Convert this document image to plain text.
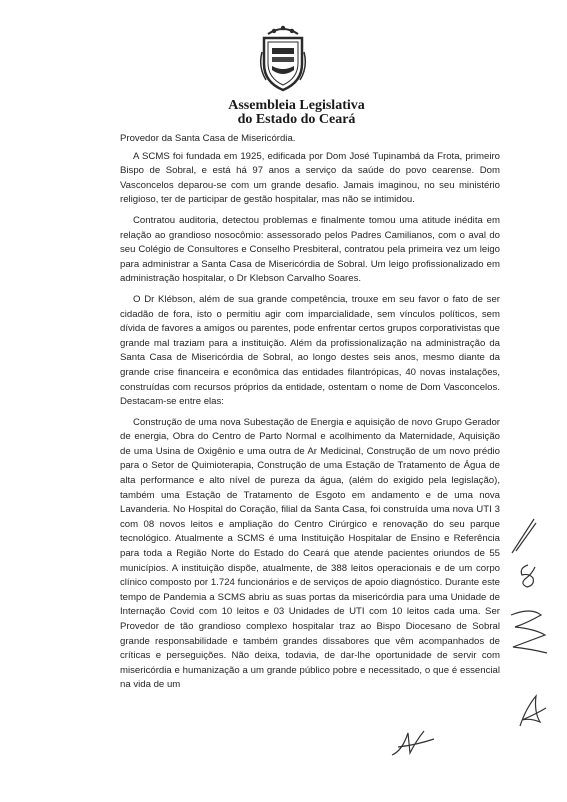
Assembleia Legislativa
do Estado do Ceará

Provedor da Santa Casa de Misericórdia.

A SCMS foi fundada em 1925, edificada por Dom José Tupinambá da Frota, primeiro Bispo de Sobral, e está há 97 anos a serviço da saúde do povo cearense. Dom Vasconcelos deparou-se com um grande desafio. Jamais imaginou, no seu ministério religioso, ter de participar de gestão hospitalar, mas não se intimidou.

Contratou auditoria, detectou problemas e finalmente tomou uma atitude inédita em relação ao grandioso nosocômio: assessorado pelos Padres Camilianos, com o aval do seu Colégio de Consultores e Conselho Presbiteral, contratou pela primeira vez um leigo para administrar a Santa Casa de Misericórdia de Sobral. Um leigo profissionalizado em administração hospitalar, o Dr Klebson Carvalho Soares.

O Dr Klébson, além de sua grande competência, trouxe em seu favor o fato de ser cidadão de fora, isto o permitiu agir com imparcialidade, sem vínculos políticos, sem dívida de favores a amigos ou parentes, pode enfrentar certos grupos corporativistas que grande mal traziam para a instituição. Além da profissionalização na administração da Santa Casa de Misericórdia de Sobral, ao longo destes seis anos, mesmo diante da grande crise financeira e econômica das entidades filantrópicas, 40 novas instalações, construídas com recursos próprios da entidade, ostentam o nome de Dom Vasconcelos. Destacam-se entre elas:

Construção de uma nova Subestação de Energia e aquisição de novo Grupo Gerador de energia, Obra do Centro de Parto Normal e acolhimento da Maternidade, Aquisição de uma Usina de Oxigênio e uma outra de Ar Medicinal, Construção de um novo prédio para o Setor de Quimioterapia, Construção de uma Estação de Tratamento de Água de alta performance e alto nível de pureza da água, (além do exigido pela legislação), também uma Estação de Tratamento de Esgoto em andamento e de uma nova Lavanderia. No Hospital do Coração, filial da Santa Casa, foi construída uma nova UTI 3 com 08 novos leitos e ampliação do Centro Cirúrgico e renovação do seu parque tecnológico. Atualmente a SCMS é uma Instituição Hospitalar de Ensino e Referência para toda a Região Norte do Estado do Ceará que atende pacientes oriundos de 55 municípios. A instituição dispõe, atualmente, de 388 leitos operacionais e de um corpo clínico composto por 1.724 funcionários e de serviços de apoio diagnóstico. Durante este tempo de Pandemia a SCMS abriu as suas portas da misericórdia para uma Unidade de Internação Covid com 10 leitos e 03 Unidades de UTI com 10 leitos cada uma. Ser Provedor de tão grandioso complexo hospitalar traz ao Bispo Diocesano de Sobral grande responsabilidade e também grandes dissabores que vêm acompanhados de críticas e perseguições. Não deixa, todavia, de dar-lhe oportunidade de servir com misericórdia e humanização a um grande público pobre e necessitado, o que é essencial na vida de um
